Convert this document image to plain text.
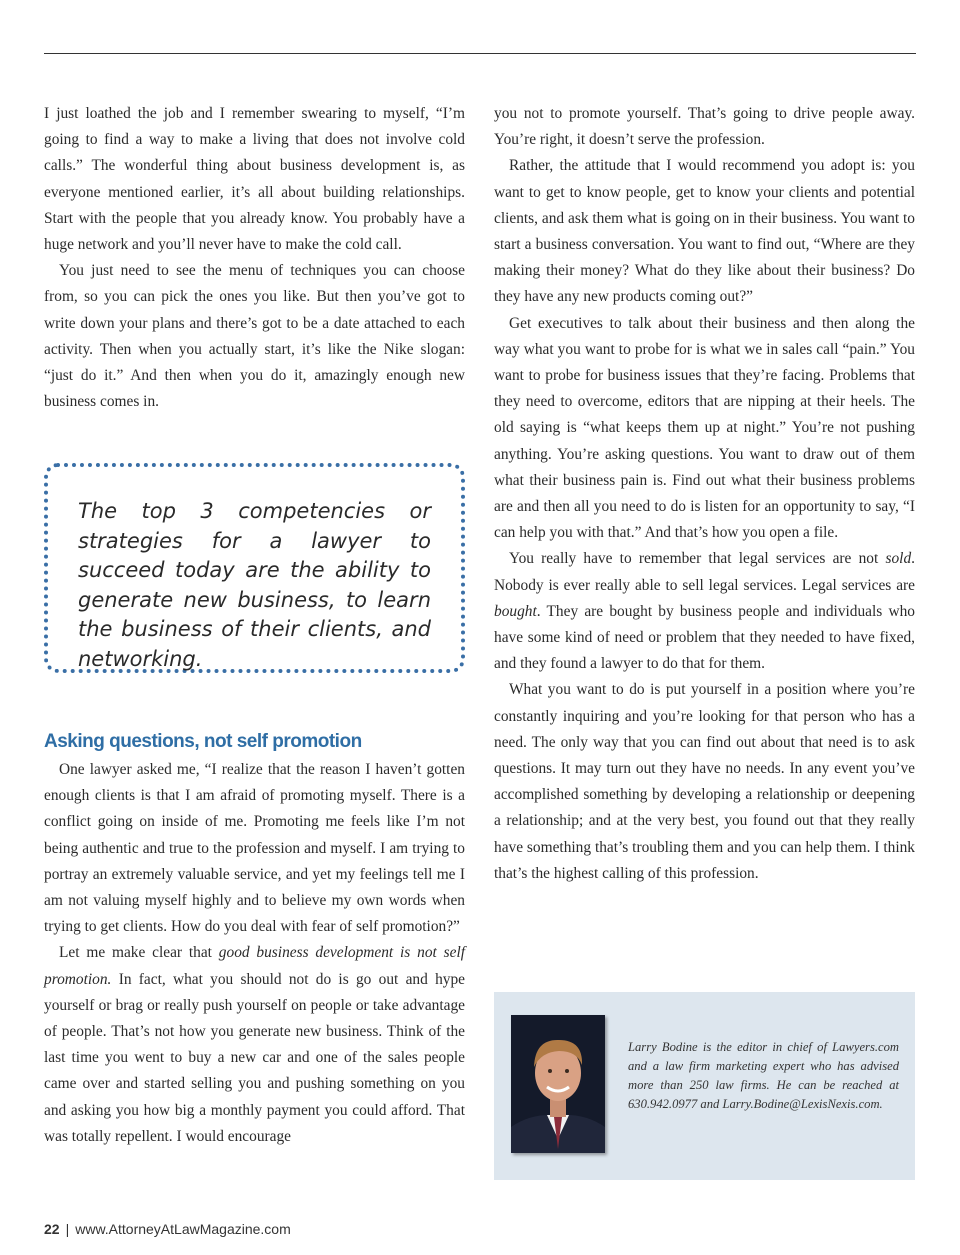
I just loathed the job and I remember swearing to myself, “I’m going to find a way to make a living that does not involve cold calls.” The wonderful thing about business development is, as everyone mentioned earlier, it’s all about building relationships. Start with the people that you already know. You probably have a huge network and you’ll never have to make the cold call.

You just need to see the menu of techniques you can choose from, so you can pick the ones you like. But then you’ve got to write down your plans and there’s got to be a date attached to each activity. Then when you actually start, it’s like the Nike slogan: “just do it.” And then when you do it, amazingly enough new business comes in.

The top 3 competencies or strategies for a lawyer to succeed today are the ability to generate new business, to learn the business of their clients, and networking.
Asking questions, not self promotion

One lawyer asked me, “I realize that the reason I haven’t gotten enough clients is that I am afraid of promoting myself. There is a conflict going on inside of me. Promoting me feels like I’m not being authentic and true to the profession and myself. I am trying to portray an extremely valuable service, and yet my feelings tell me I am not valuing myself highly and to believe my own words when trying to get clients. How do you deal with fear of self promotion?”

Let me make clear that good business development is not self promotion. In fact, what you should not do is go out and hype yourself or brag or really push yourself on people or take advantage of people. That’s not how you generate new business. Think of the last time you went to buy a new car and one of the sales people came over and started selling you and pushing something on you and asking you how big a monthly payment you could afford. That was totally repellent. I would encourage

you not to promote yourself. That’s going to drive people away. You’re right, it doesn’t serve the profession.

Rather, the attitude that I would recommend you adopt is: you want to get to know people, get to know your clients and potential clients, and ask them what is going on in their business. You want to start a business conversation. You want to find out, “Where are they making their money? What do they like about their business? Do they have any new products coming out?”

Get executives to talk about their business and then along the way what you want to probe for is what we in sales call “pain.” You want to probe for business issues that they’re facing. Problems that they need to overcome, editors that are nipping at their heels. The old saying is “what keeps them up at night.” You’re not pushing anything. You’re asking questions. You want to draw out of them what their business pain is. Find out what their business problems are and then all you need to do is listen for an opportunity to say, “I can help you with that.” And that’s how you open a file.

You really have to remember that legal services are not sold. Nobody is ever really able to sell legal services. Legal services are bought. They are bought by business people and individuals who have some kind of need or problem that they needed to have fixed, and they found a lawyer to do that for them.

What you want to do is put yourself in a position where you’re constantly inquiring and you’re looking for that person who has a need. The only way that you can find out about that need is to ask questions. It may turn out they have no needs. In any event you’ve accomplished something by developing a relationship or deepening a relationship; and at the very best, you found out that they really have something that’s troubling them and you can help them. I think that’s the highest calling of this profession.

Larry Bodine is the editor in chief of Lawyers.com and a law firm marketing expert who has advised more than 250 law firms. He can be reached at 630.942.0977 and Larry.Bodine@LexisNexis.com.
22 | www.AttorneyAtLawMagazine.com
